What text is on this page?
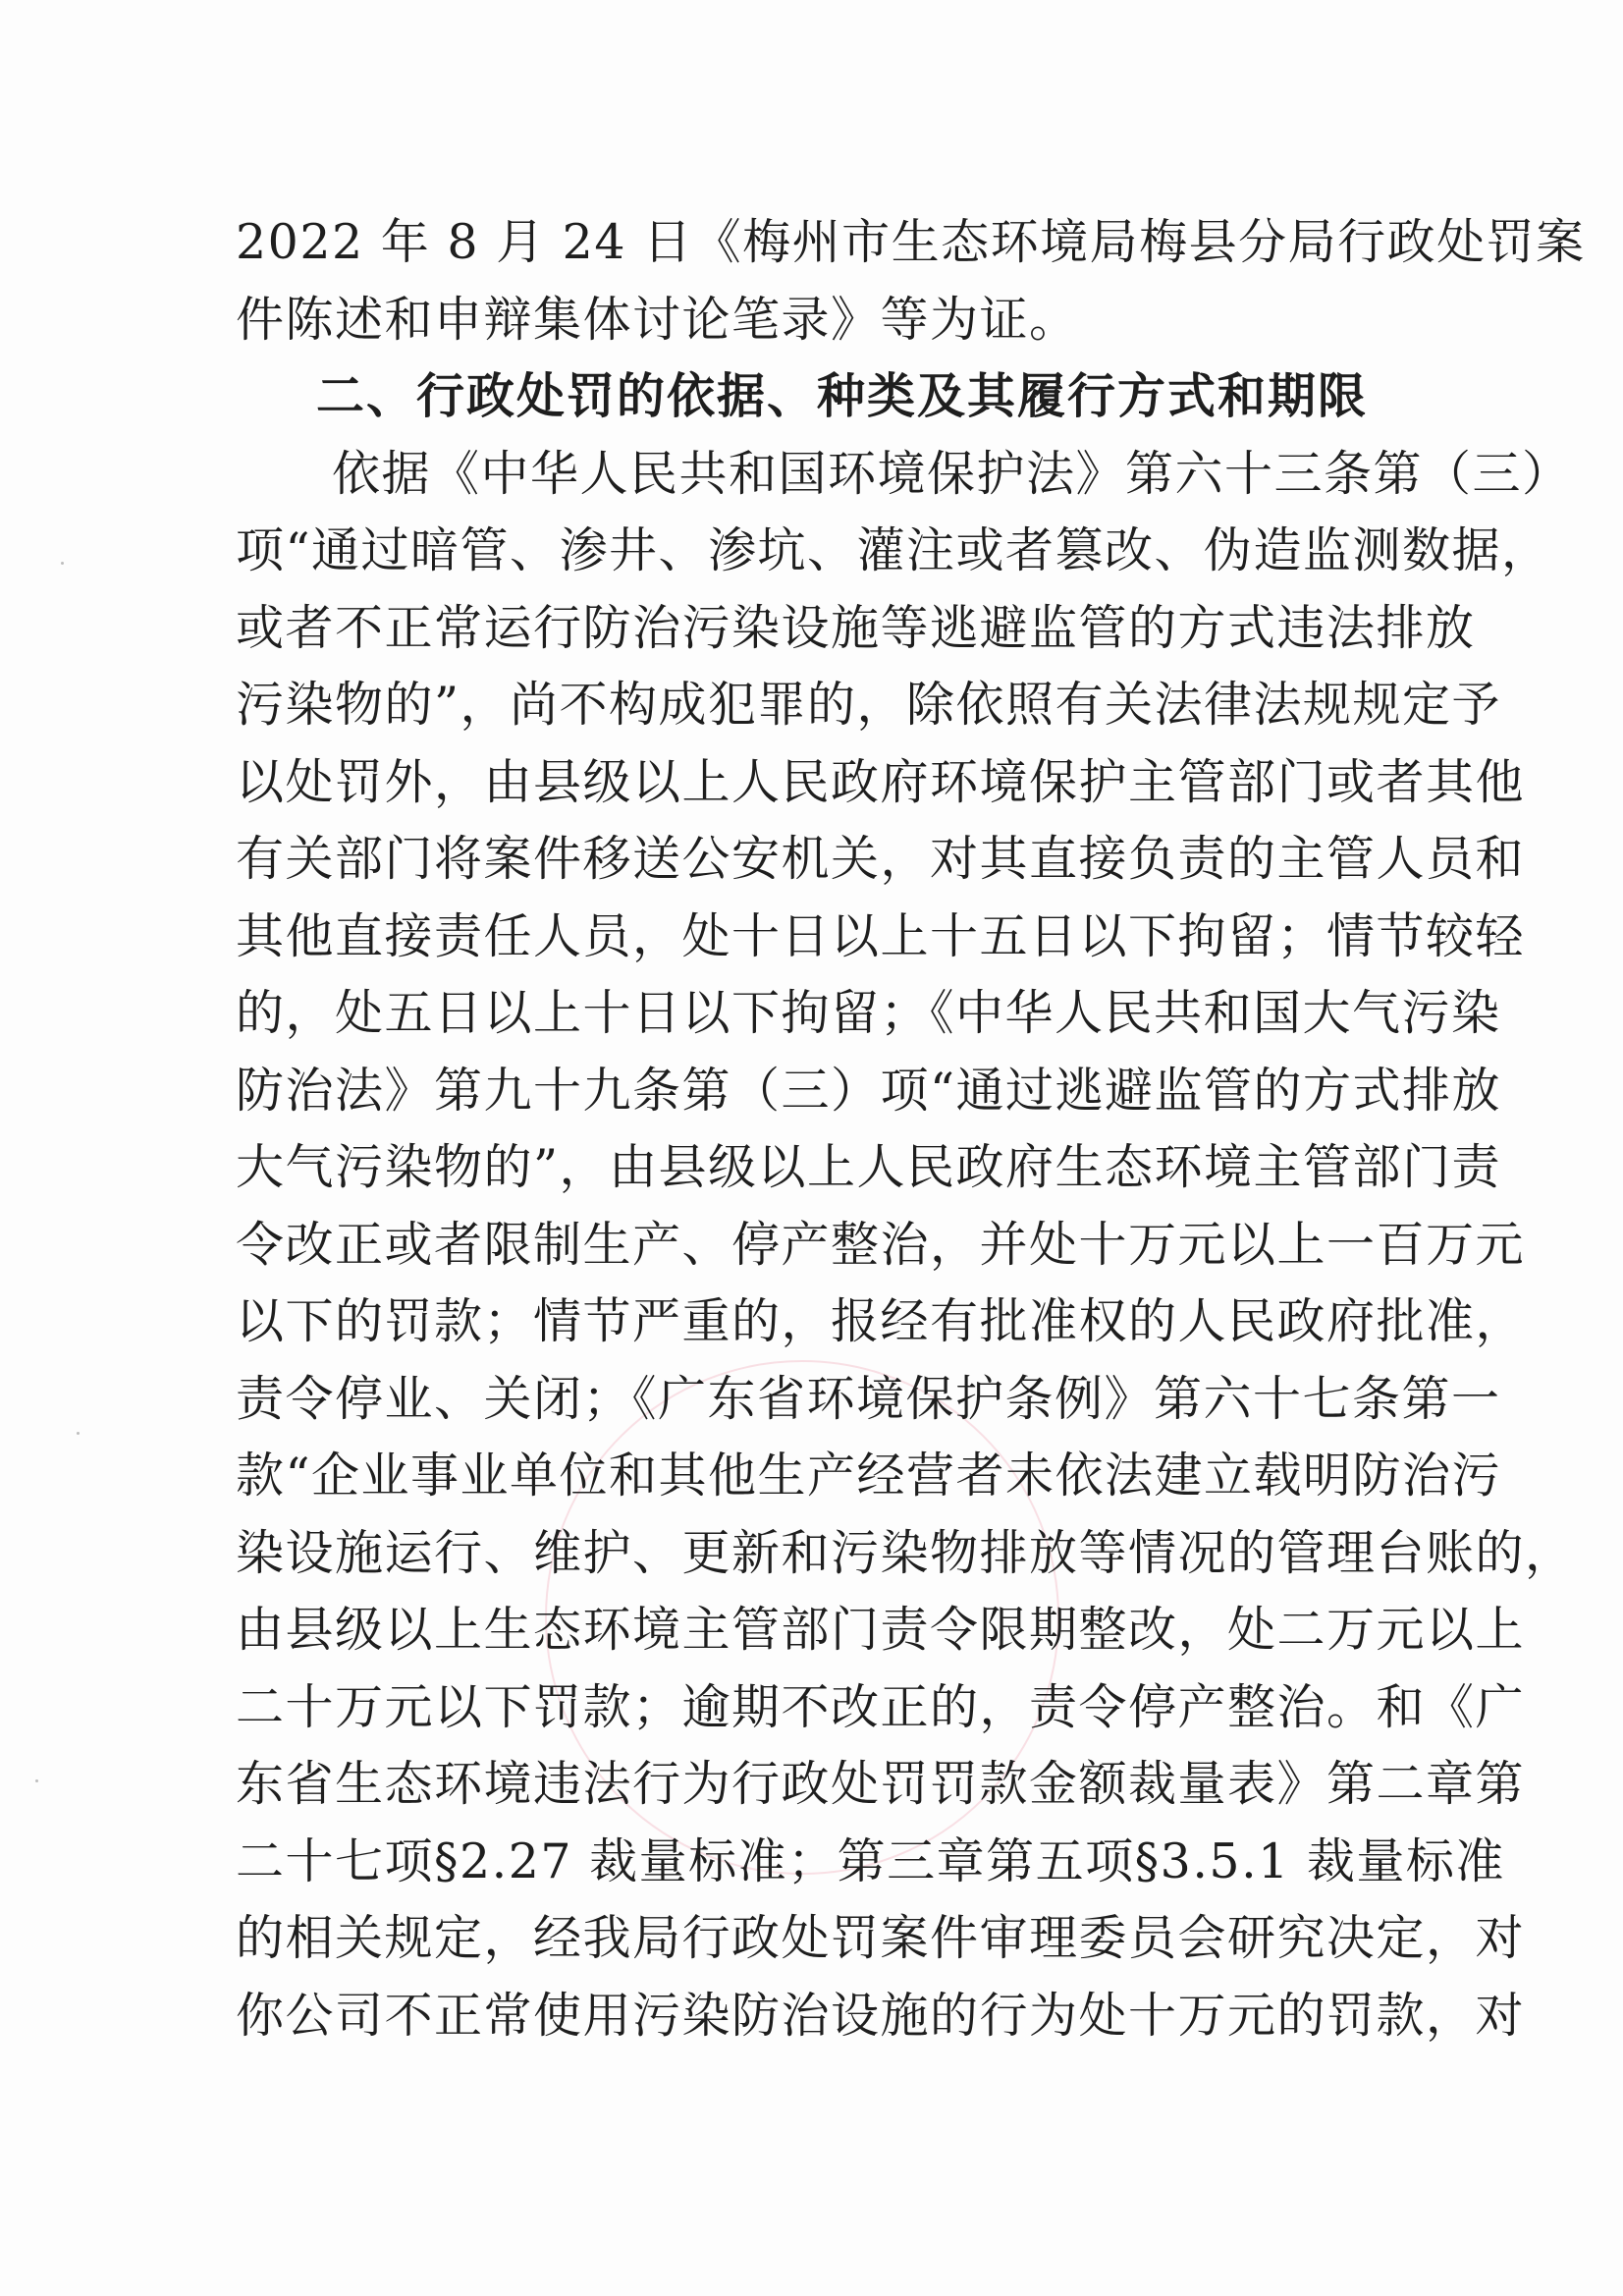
2022 年 8 月 24 日《梅州市生态环境局梅县分局行政处罚案
件陈述和申辩集体讨论笔录》等为证。
二、行政处罚的依据、种类及其履行方式和期限
依据《中华人民共和国环境保护法》第六十三条第（三）
项“通过暗管、渗井、渗坑、灌注或者篡改、伪造监测数据，
或者不正常运行防治污染设施等逃避监管的方式违法排放
污染物的”，尚不构成犯罪的，除依照有关法律法规规定予
以处罚外，由县级以上人民政府环境保护主管部门或者其他
有关部门将案件移送公安机关，对其直接负责的主管人员和
其他直接责任人员，处十日以上十五日以下拘留；情节较轻
的，处五日以上十日以下拘留；《中华人民共和国大气污染
防治法》第九十九条第（三）项“通过逃避监管的方式排放
大气污染物的”，由县级以上人民政府生态环境主管部门责
令改正或者限制生产、停产整治，并处十万元以上一百万元
以下的罚款；情节严重的，报经有批准权的人民政府批准，
责令停业、关闭；《广东省环境保护条例》第六十七条第一
款“企业事业单位和其他生产经营者未依法建立载明防治污
染设施运行、维护、更新和污染物排放等情况的管理台账的，
由县级以上生态环境主管部门责令限期整改，处二万元以上
二十万元以下罚款；逾期不改正的，责令停产整治。和《广
东省生态环境违法行为行政处罚罚款金额裁量表》第二章第
二十七项§2.27 裁量标准；第三章第五项§3.5.1 裁量标准
的相关规定，经我局行政处罚案件审理委员会研究决定，对
你公司不正常使用污染防治设施的行为处十万元的罚款，对
